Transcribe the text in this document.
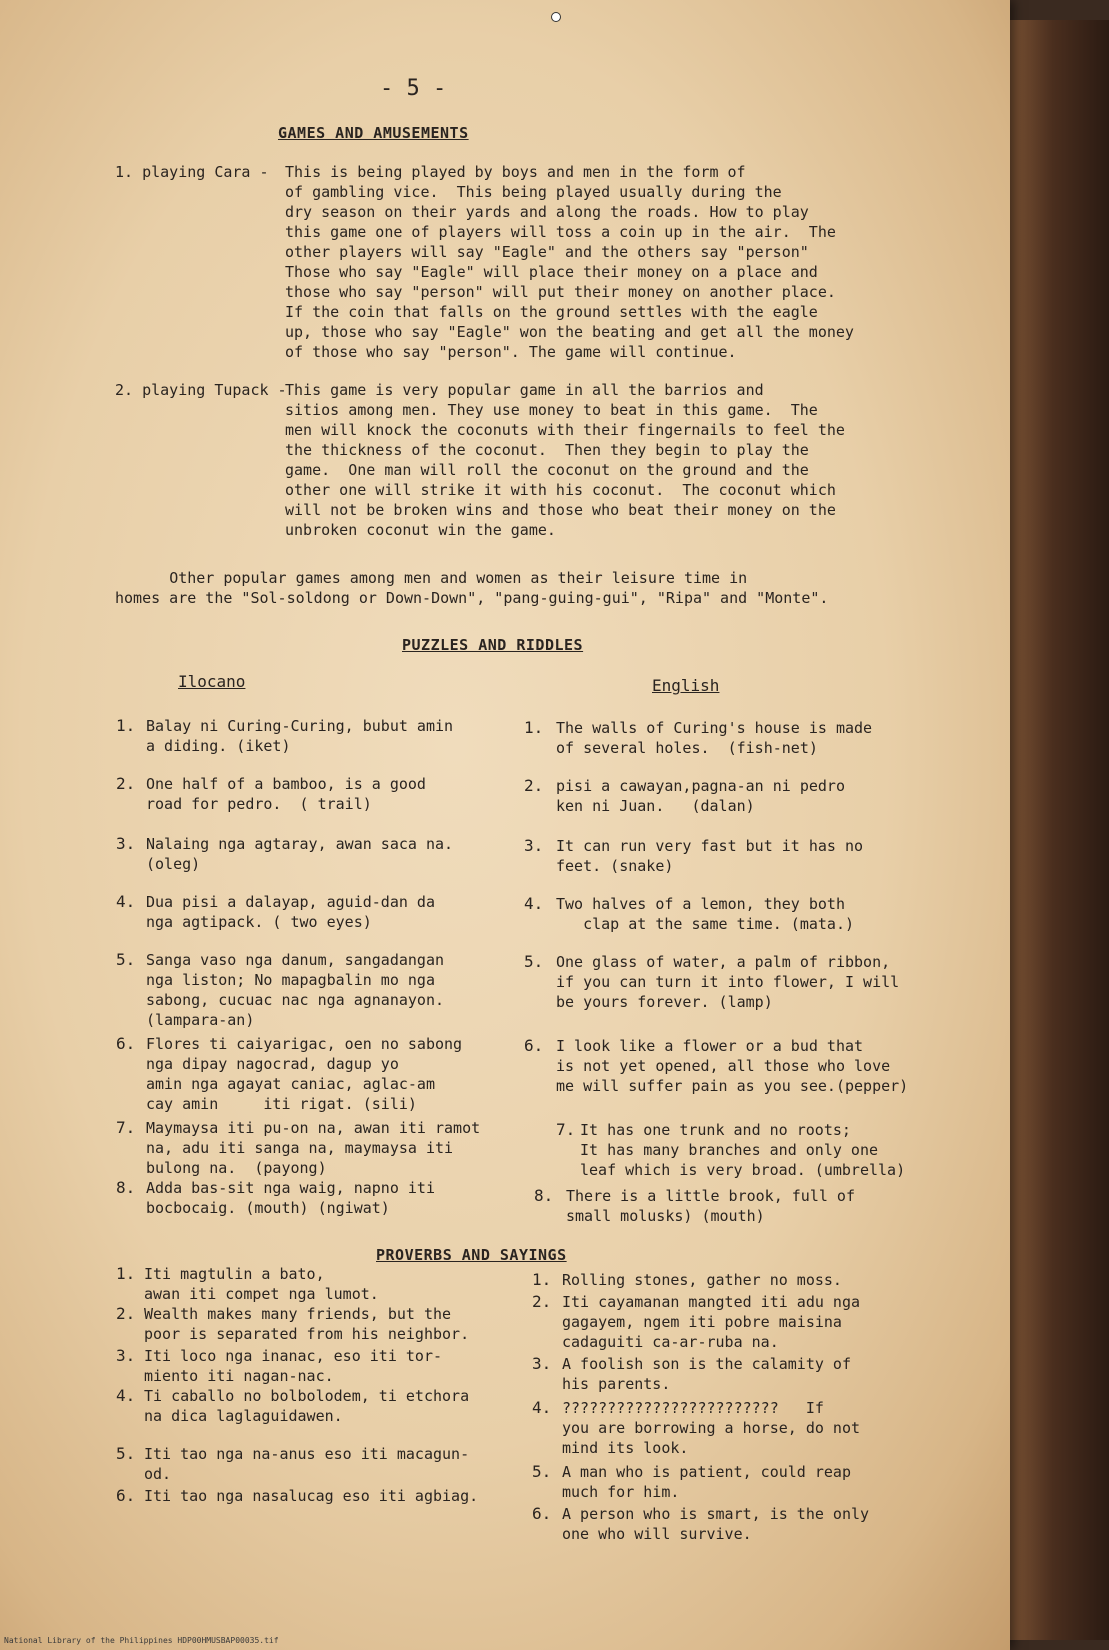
- 5 -
GAMES AND AMUSEMENTS
1. playing Cara - This is being played by boys and men in the form of
of gambling vice.  This being played usually during the
dry season on their yards and along the roads. How to play
this game one of players will toss a coin up in the air.  The
other players will say "Eagle" and the others say "person"
Those who say "Eagle" will place their money on a place and
those who say "person" will put their money on another place.
If the coin that falls on the ground settles with the eagle
up, those who say "Eagle" won the beating and get all the money
of those who say "person". The game will continue.
2. playing Tupack -
This game is very popular game in all the barrios and
sitios among men. They use money to beat in this game.  The
men will knock the coconuts with their fingernails to feel the
the thickness of the coconut.  Then they begin to play the
game.  One man will roll the coconut on the ground and the
other one will strike it with his coconut.  The coconut which
will not be broken wins and those who beat their money on the
unbroken coconut win the game.
Other popular games among men and women as their leisure time in
homes are the "Sol-soldong or Down-Down", "pang-guing-gui", "Ripa" and "Monte".
PUZZLES AND RIDDLES
Ilocano	English
1. Balay ni Curing-Curing, bubut amin
a diding. (iket)
1. The walls of Curing's house is made
of several holes.  (fish-net)
2. One half of a bamboo, is a good
road for pedro.  ( trail)
2. pisi a cawayan,pagna-an ni pedro
ken ni Juan.   (dalan)
3. Nalaing nga agtaray, awan saca na.
(oleg)
3. It can run very fast but it has no
feet. (snake)
4. Dua pisi a dalayap, aguid-dan da
nga agtipack. ( two eyes)
4. Two halves of a lemon, they both
clap at the same time. (mata.)
5. Sanga vaso nga danum, sangadangan
nga liston; No mapagbalin mo nga
sabong, cucuac nac nga agnanayon.
(lampara-an)
5. One glass of water, a palm of ribbon,
if you can turn it into flower, I will
be yours forever. (lamp)
6. Flores ti caiyarigac, oen no sabong
nga dipay nagocrad, dagup yo
amin nga agayat caniac, aglac-am
cay amin     iti rigat. (sili)
6. I look like a flower or a bud that
is not yet opened, all those who love
me will suffer pain as you see.(pepper)
7. Maymaysa iti pu-on na, awan iti ramot
na, adu iti sanga na, maymaysa iti
bulong na.  (payong)
7. It has one trunk and no roots;
It has many branches and only one
leaf which is very broad. (umbrella)
8. Adda bas-sit nga waig, napno iti
bocbocaig. (mouth) (ngiwat)
8. There is a little brook, full of
small molusks) (mouth)
PROVERBS AND SAYINGS
1. Iti magtulin a bato,
awan iti compet nga lumot.
2. Wealth makes many friends, but the
poor is separated from his neighbor.
3. Iti loco nga inanac, eso iti tor-
miento iti nagan-nac.
4. Ti caballo no bolbolodem, ti etchora
na dica laglaguidawen.
5. Iti tao nga na-anus eso iti macagun-
od.
6. Iti tao nga nasalucag eso iti agbiag.
1. Rolling stones, gather no moss.
2. Iti cayamanan mangted iti adu nga
gagayem, ngem iti pobre maisina
cadaguiti ca-ar-ruba na.
3. A foolish son is the calamity of
his parents.
4. ????????????????????????   If
you are borrowing a horse, do not
mind its look.
5. A man who is patient, could reap
much for him.
6. A person who is smart, is the only
one who will survive.
National Library of the Philippines HDP00HMUSBAP00035.tif
